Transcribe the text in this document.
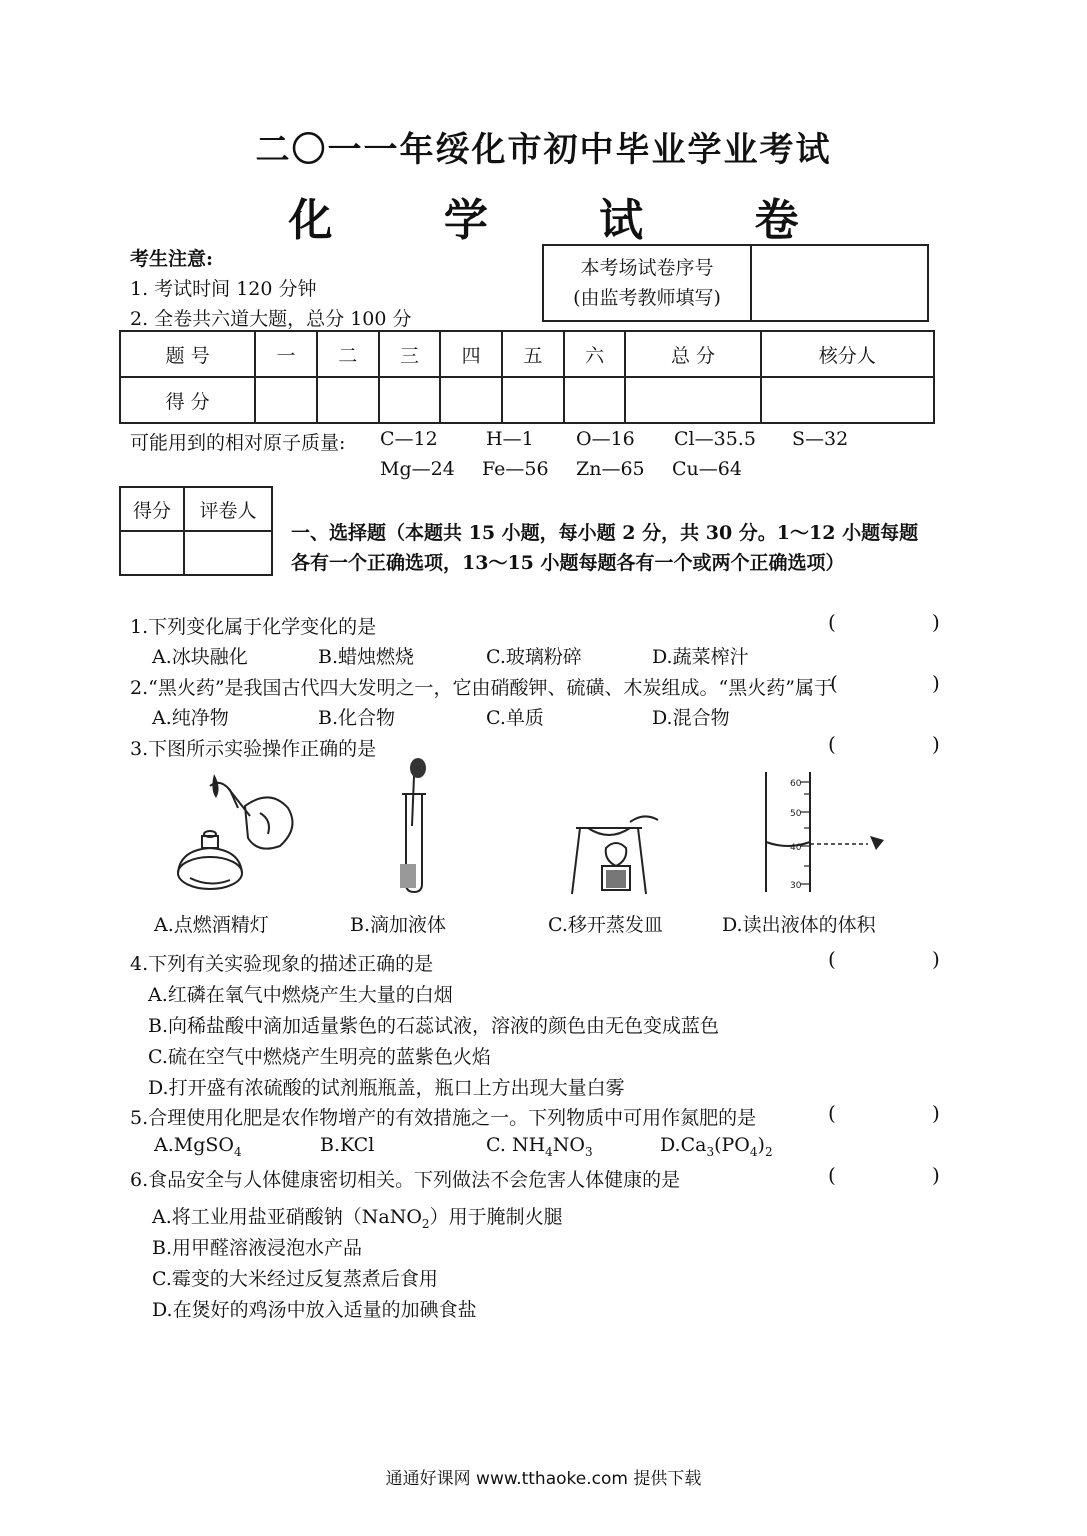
二〇一一年绥化市初中毕业学业考试
化 学 试 卷
考生注意:
1. 考试时间 120 分钟
2. 全卷共六道大题，总分 100 分
本考场试卷序号
(由监考教师填写)

题 号	一	二	三	四	五	六	总 分	核分人
得 分								
可能用到的相对原子质量: C—12	H—1 O—16 Cl—35.5 S—32
Mg—24 Fe—56 Zn—65 Cu—64
得分	评卷人

一、选择题（本题共 15 小题，每小题 2 分，共 30 分。1～12 小题每题
各有一个正确选项，13～15 小题每题各有一个或两个正确选项）
1.下列变化属于化学变化的是	(	)
A.冰块融化	B.蜡烛燃烧	C.玻璃粉碎	D.蔬菜榨汁
2.“黑火药”是我国古代四大发明之一，它由硝酸钾、硫磺、木炭组成。“黑火药”属于
(	)
A.纯净物	B.化合物	C.单质	D.混合物
3.下图所示实验操作正确的是	(	)
60
50
40
30
A.点燃酒精灯	B.滴加液体	C.移开蒸发皿	D.读出液体的体积
4.下列有关实验现象的描述正确的是	(	)
A.红磷在氧气中燃烧产生大量的白烟
B.向稀盐酸中滴加适量紫色的石蕊试液，溶液的颜色由无色变成蓝色
C.硫在空气中燃烧产生明亮的蓝紫色火焰
D.打开盛有浓硫酸的试剂瓶瓶盖，瓶口上方出现大量白雾
5.合理使用化肥是农作物增产的有效措施之一。下列物质中可用作氮肥的是	(	)
A.MgSO$_4$	B.KCl	C. $NH_4NO_3$	$D.Ca_3(PO_4)_2$
6.食品安全与人体健康密切相关。下列做法不会危害人体健康的是	(	)
A.将工业用盐亚硝酸钠（NaNO$_2$）用于腌制火腿
B.用甲醛溶液浸泡水产品
C.霉变的大米经过反复蒸煮后食用
D.在煲好的鸡汤中放入适量的加碘食盐
通通好课网 www.tthaoke.com 提供下载
